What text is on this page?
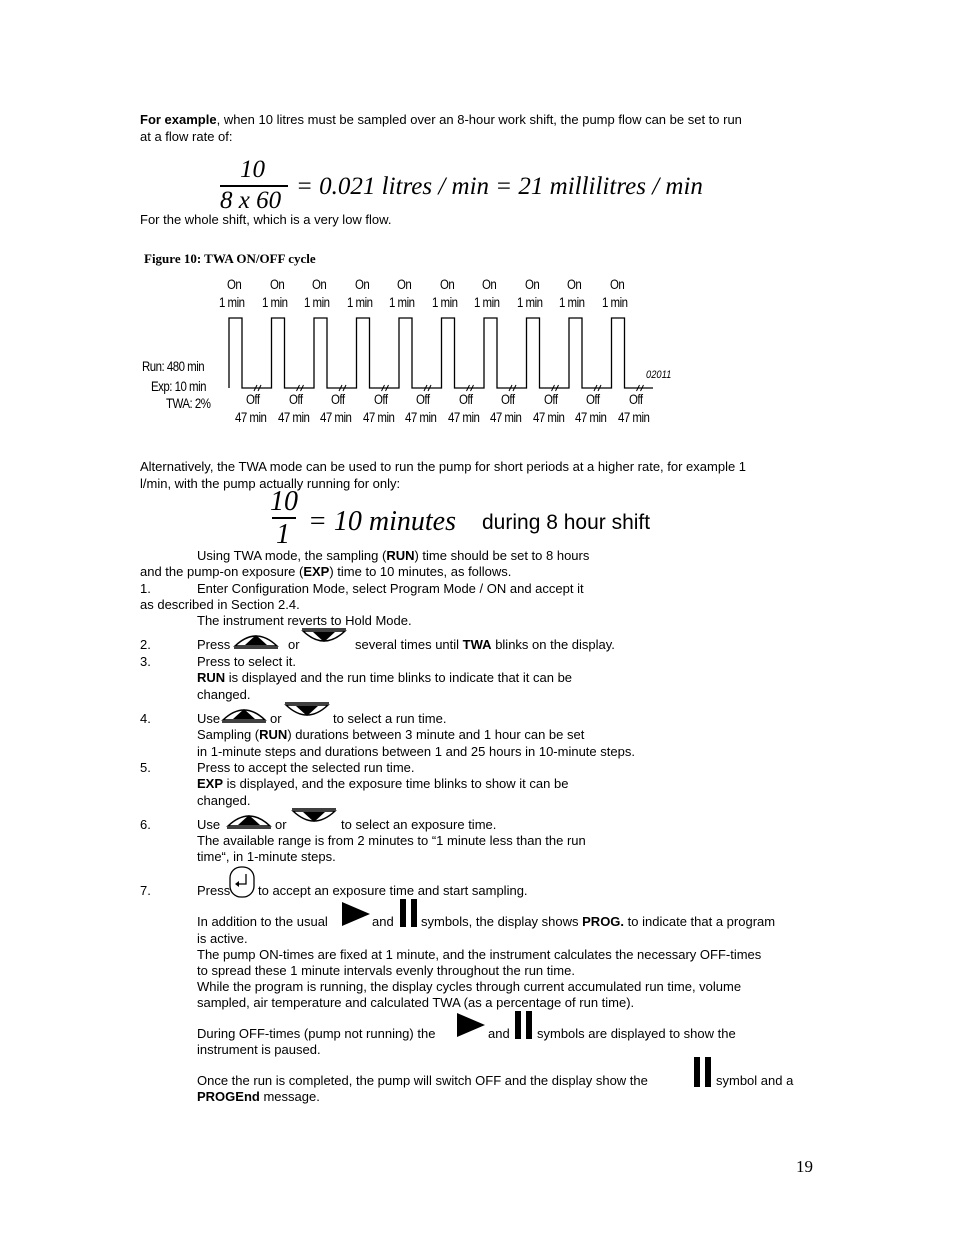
For example, when 10 litres must be sampled over an 8-hour work shift, the pump flow can be set to run
at a flow rate of:
10
8 x 60
= 0.021 litres / min = 21 millilitres / min
For the whole shift, which is a very low flow.
Figure 10: TWA ON/OFF cycle
On
1 min
Off
47 min
On
1 min
Off
47 min
On
1 min
Off
47 min
On
1 min
Off
47 min
On
1 min
Off
47 min
On
1 min
Off
47 min
On
1 min
Off
47 min
On
1 min
Off
47 min
On
1 min
Off
47 min
On
1 min
Off
47 min
Run: 480 min
Exp: 10 min
TWA: 2%
02011
Alternatively, the TWA mode can be used to run the pump for short periods at a higher rate, for example 1
l/min, with the pump actually running for only:
10
1 = 10 minutes during 8 hour shift
Using TWA mode, the sampling (RUN) time should be set to 8 hours
and the pump-on exposure (EXP) time to 10 minutes, as follows.
1.	Enter Configuration Mode, select Program Mode / ON and accept it
as described in Section 2.4.
The instrument reverts to Hold Mode.
2.	Press	or	several times until TWA blinks on the display.
3.	Press to select it.
RUN is displayed and the run time blinks to indicate that it can be
changed.
4.	Use	or	to select a run time.
Sampling (RUN) durations between 3 minute and 1 hour can be set
in 1-minute steps and durations between 1 and 25 hours in 10-minute steps.
5.	Press to accept the selected run time.
EXP is displayed, and the exposure time blinks to show it can be
changed.
6.	Use	or	to select an exposure time.
The available range is from 2 minutes to “1 minute less than the run
time“, in 1-minute steps.
7.	Press to accept an exposure time and start sampling.
In addition to the usual	and symbols, the display shows PROG. to indicate that a program
is active.
The pump ON-times are fixed at 1 minute, and the instrument calculates the necessary OFF-times
to spread these 1 minute intervals evenly throughout the run time.
While the program is running, the display cycles through current accumulated run time, volume
sampled, air temperature and calculated TWA (as a percentage of run time).
During OFF-times (pump not running) the	and symbols are displayed to show the
instrument is paused.
Once the run is completed, the pump will switch OFF and the display show the	symbol and a
PROGEnd message.
19
